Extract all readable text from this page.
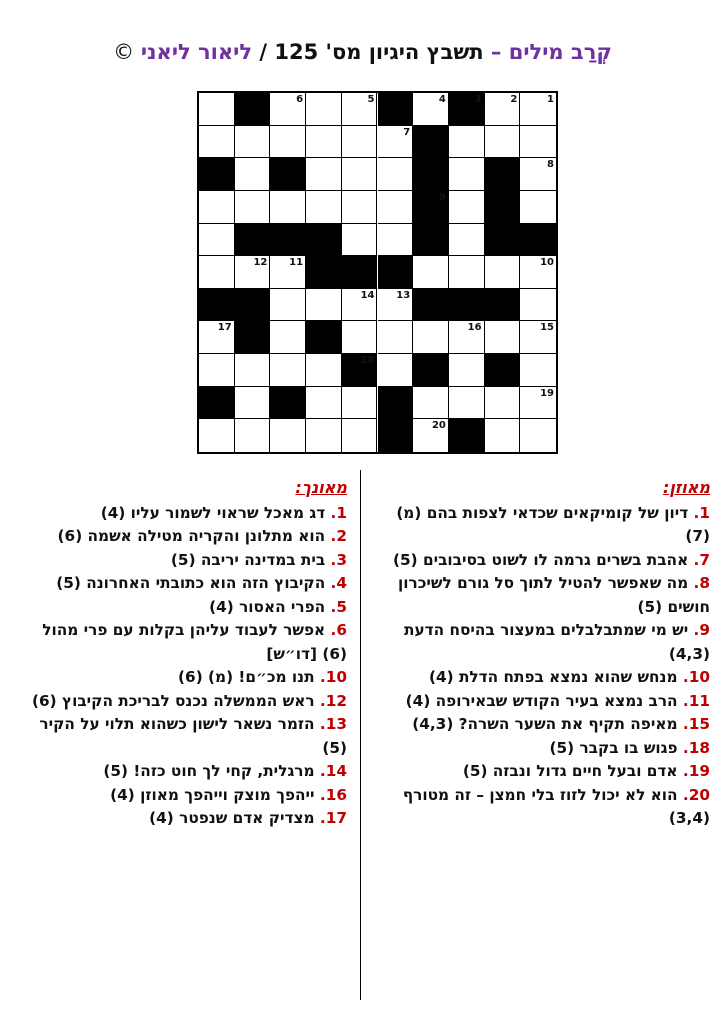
קְרַב מילים – תשבץ היגיון מס' 125 / ליאור ליאני ©
1
2
3
4
5
6
7
8
9
10
11
12
13
14
15
16
17
18
19
20
מאוזן:
1. דיון של קומיקאים שכדאי לצפות בהם (מ) (7)
7. אהבת בשרים גרמה לו לשוט בסיבובים (5)
8. מה שאפשר להטיל לתוך סל גורם לשיכרון חושים (5)
9. יש מי שמתבלבלים במעצור בהיסח הדעת (4,3)
10. מנחש שהוא נמצא בפתח הדלת (4)
11. הרב נמצא בעיר הקודש שבאירופה (4)
15. מאיפה תקיף את השער השרה? (4,3)
18. פגוש בו בקבר (5)
19. אדם ובעל חיים גדול ונבזה (5)
20. הוא לא יכול לזוז בלי חמצן – זה מטורף (3,4)
מאונך:
1. דג מאכל שראוי לשמור עליו (4)
2. הוא מתלונן והקריה מטילה אשמה (6)
3. בית במדינה יריבה (5)
4. הקיבוץ הזה הוא כתובתי האחרונה (5)
5. הפרי האסור (4)
6. אפשר לעבוד עליהן בקלות עם פרי מהול (6) [דו״ש]
10. תנו מכ״ם! (מ) (6)
12. ראש הממשלה נכנס לבריכת הקיבוץ (6)
13. הזמר נשאר לישון כשהוא תלוי על הקיר (5)
14. מרגלית, קחי לך חוט כזה! (5)
16. ייהפך מוצק וייהפך מאוזן (4)
17. מצדיק אדם שנפטר (4)
